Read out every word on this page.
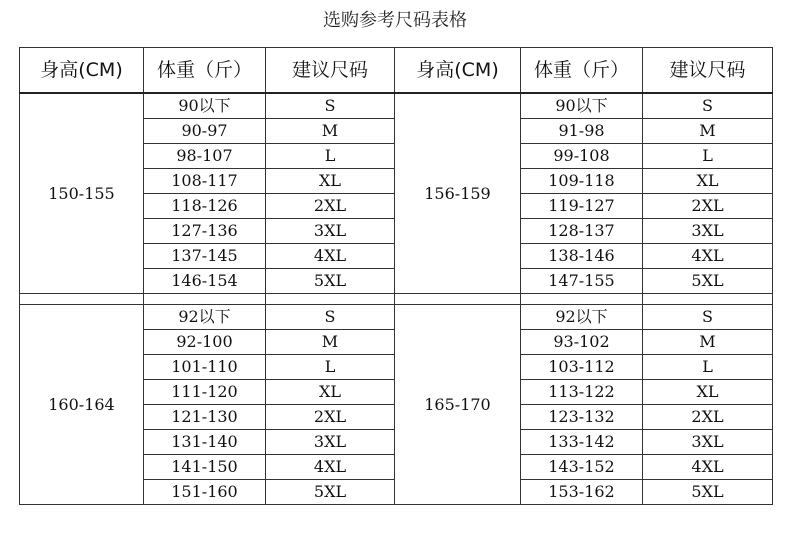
选购参考尺码表格
身高(CM)	体重（斤）	建议尺码	身高(CM)	体重（斤）	建议尺码
150-155	90以下	S	156-159	90以下	S
	90-97	M		91-98	M
	98-107	L		99-108	L
	108-117	XL		109-118	XL
	118-126	2XL		119-127	2XL
	127-136	3XL		128-137	3XL
	137-145	4XL		138-146	4XL
	146-154	5XL		147-155	5XL

160-164	92以下	S	165-170	92以下	S
	92-100	M		93-102	M
	101-110	L		103-112	L
	111-120	XL		113-122	XL
	121-130	2XL		123-132	2XL
	131-140	3XL		133-142	3XL
	141-150	4XL		143-152	4XL
	151-160	5XL		153-162	5XL
